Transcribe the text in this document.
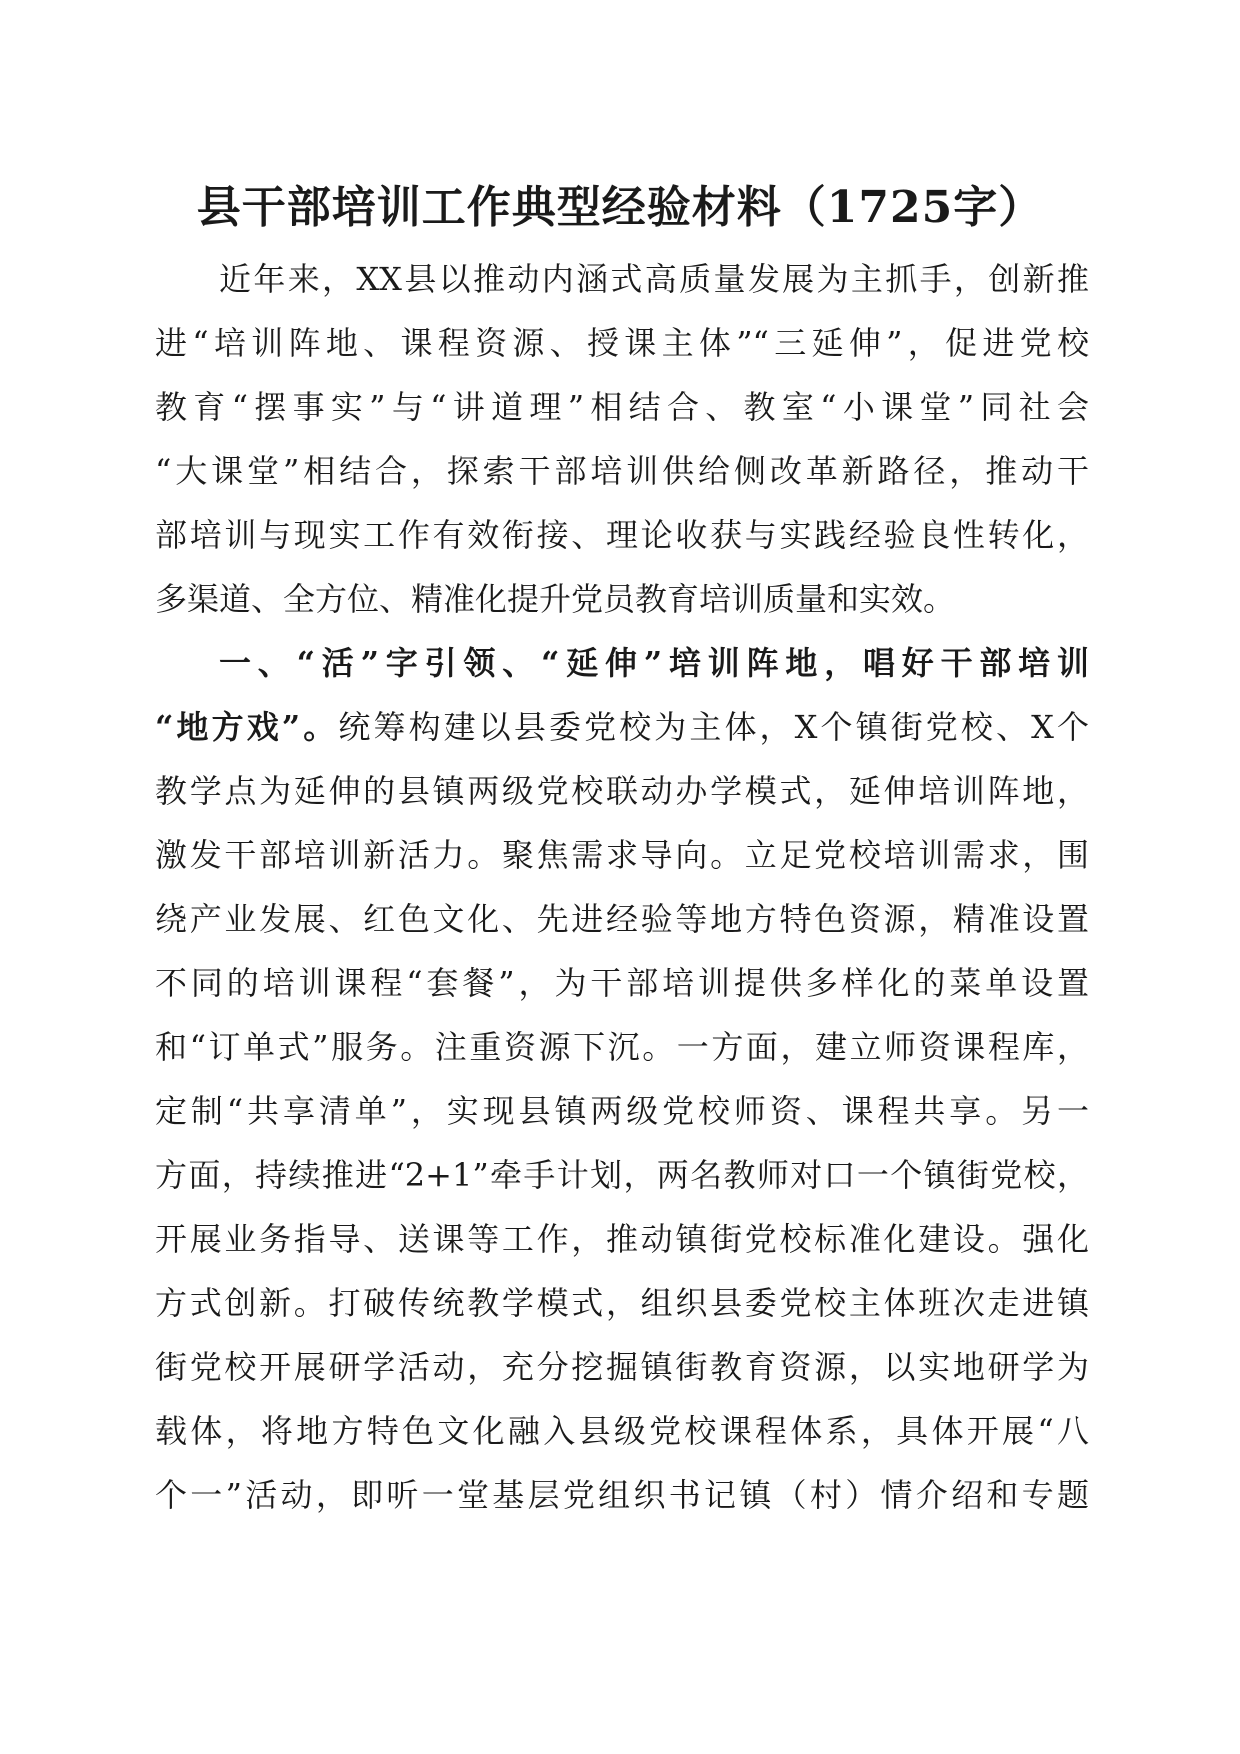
县干部培训工作典型经验材料（1725字）
近年来，XX县以推动内涵式高质量发展为主抓手，创新推
进“培训阵地、课程资源、授课主体”“三延伸”，促进党校
教育“摆事实”与“讲道理”相结合、教室“小课堂”同社会
“大课堂”相结合，探索干部培训供给侧改革新路径，推动干
部培训与现实工作有效衔接、理论收获与实践经验良性转化，
多渠道、全方位、精准化提升党员教育培训质量和实效。
一、“活”字引领、“延伸”培训阵地，唱好干部培训
“地方戏”。统筹构建以县委党校为主体，X个镇街党校、X个
教学点为延伸的县镇两级党校联动办学模式，延伸培训阵地，
激发干部培训新活力。聚焦需求导向。立足党校培训需求，围
绕产业发展、红色文化、先进经验等地方特色资源，精准设置
不同的培训课程“套餐”，为干部培训提供多样化的菜单设置
和“订单式”服务。注重资源下沉。一方面，建立师资课程库，
定制“共享清单”，实现县镇两级党校师资、课程共享。另一
方面，持续推进“2+1”牵手计划，两名教师对口一个镇街党校，
开展业务指导、送课等工作，推动镇街党校标准化建设。强化
方式创新。打破传统教学模式，组织县委党校主体班次走进镇
街党校开展研学活动，充分挖掘镇街教育资源，以实地研学为
载体，将地方特色文化融入县级党校课程体系，具体开展“八
个一”活动，即听一堂基层党组织书记镇（村）情介绍和专题
